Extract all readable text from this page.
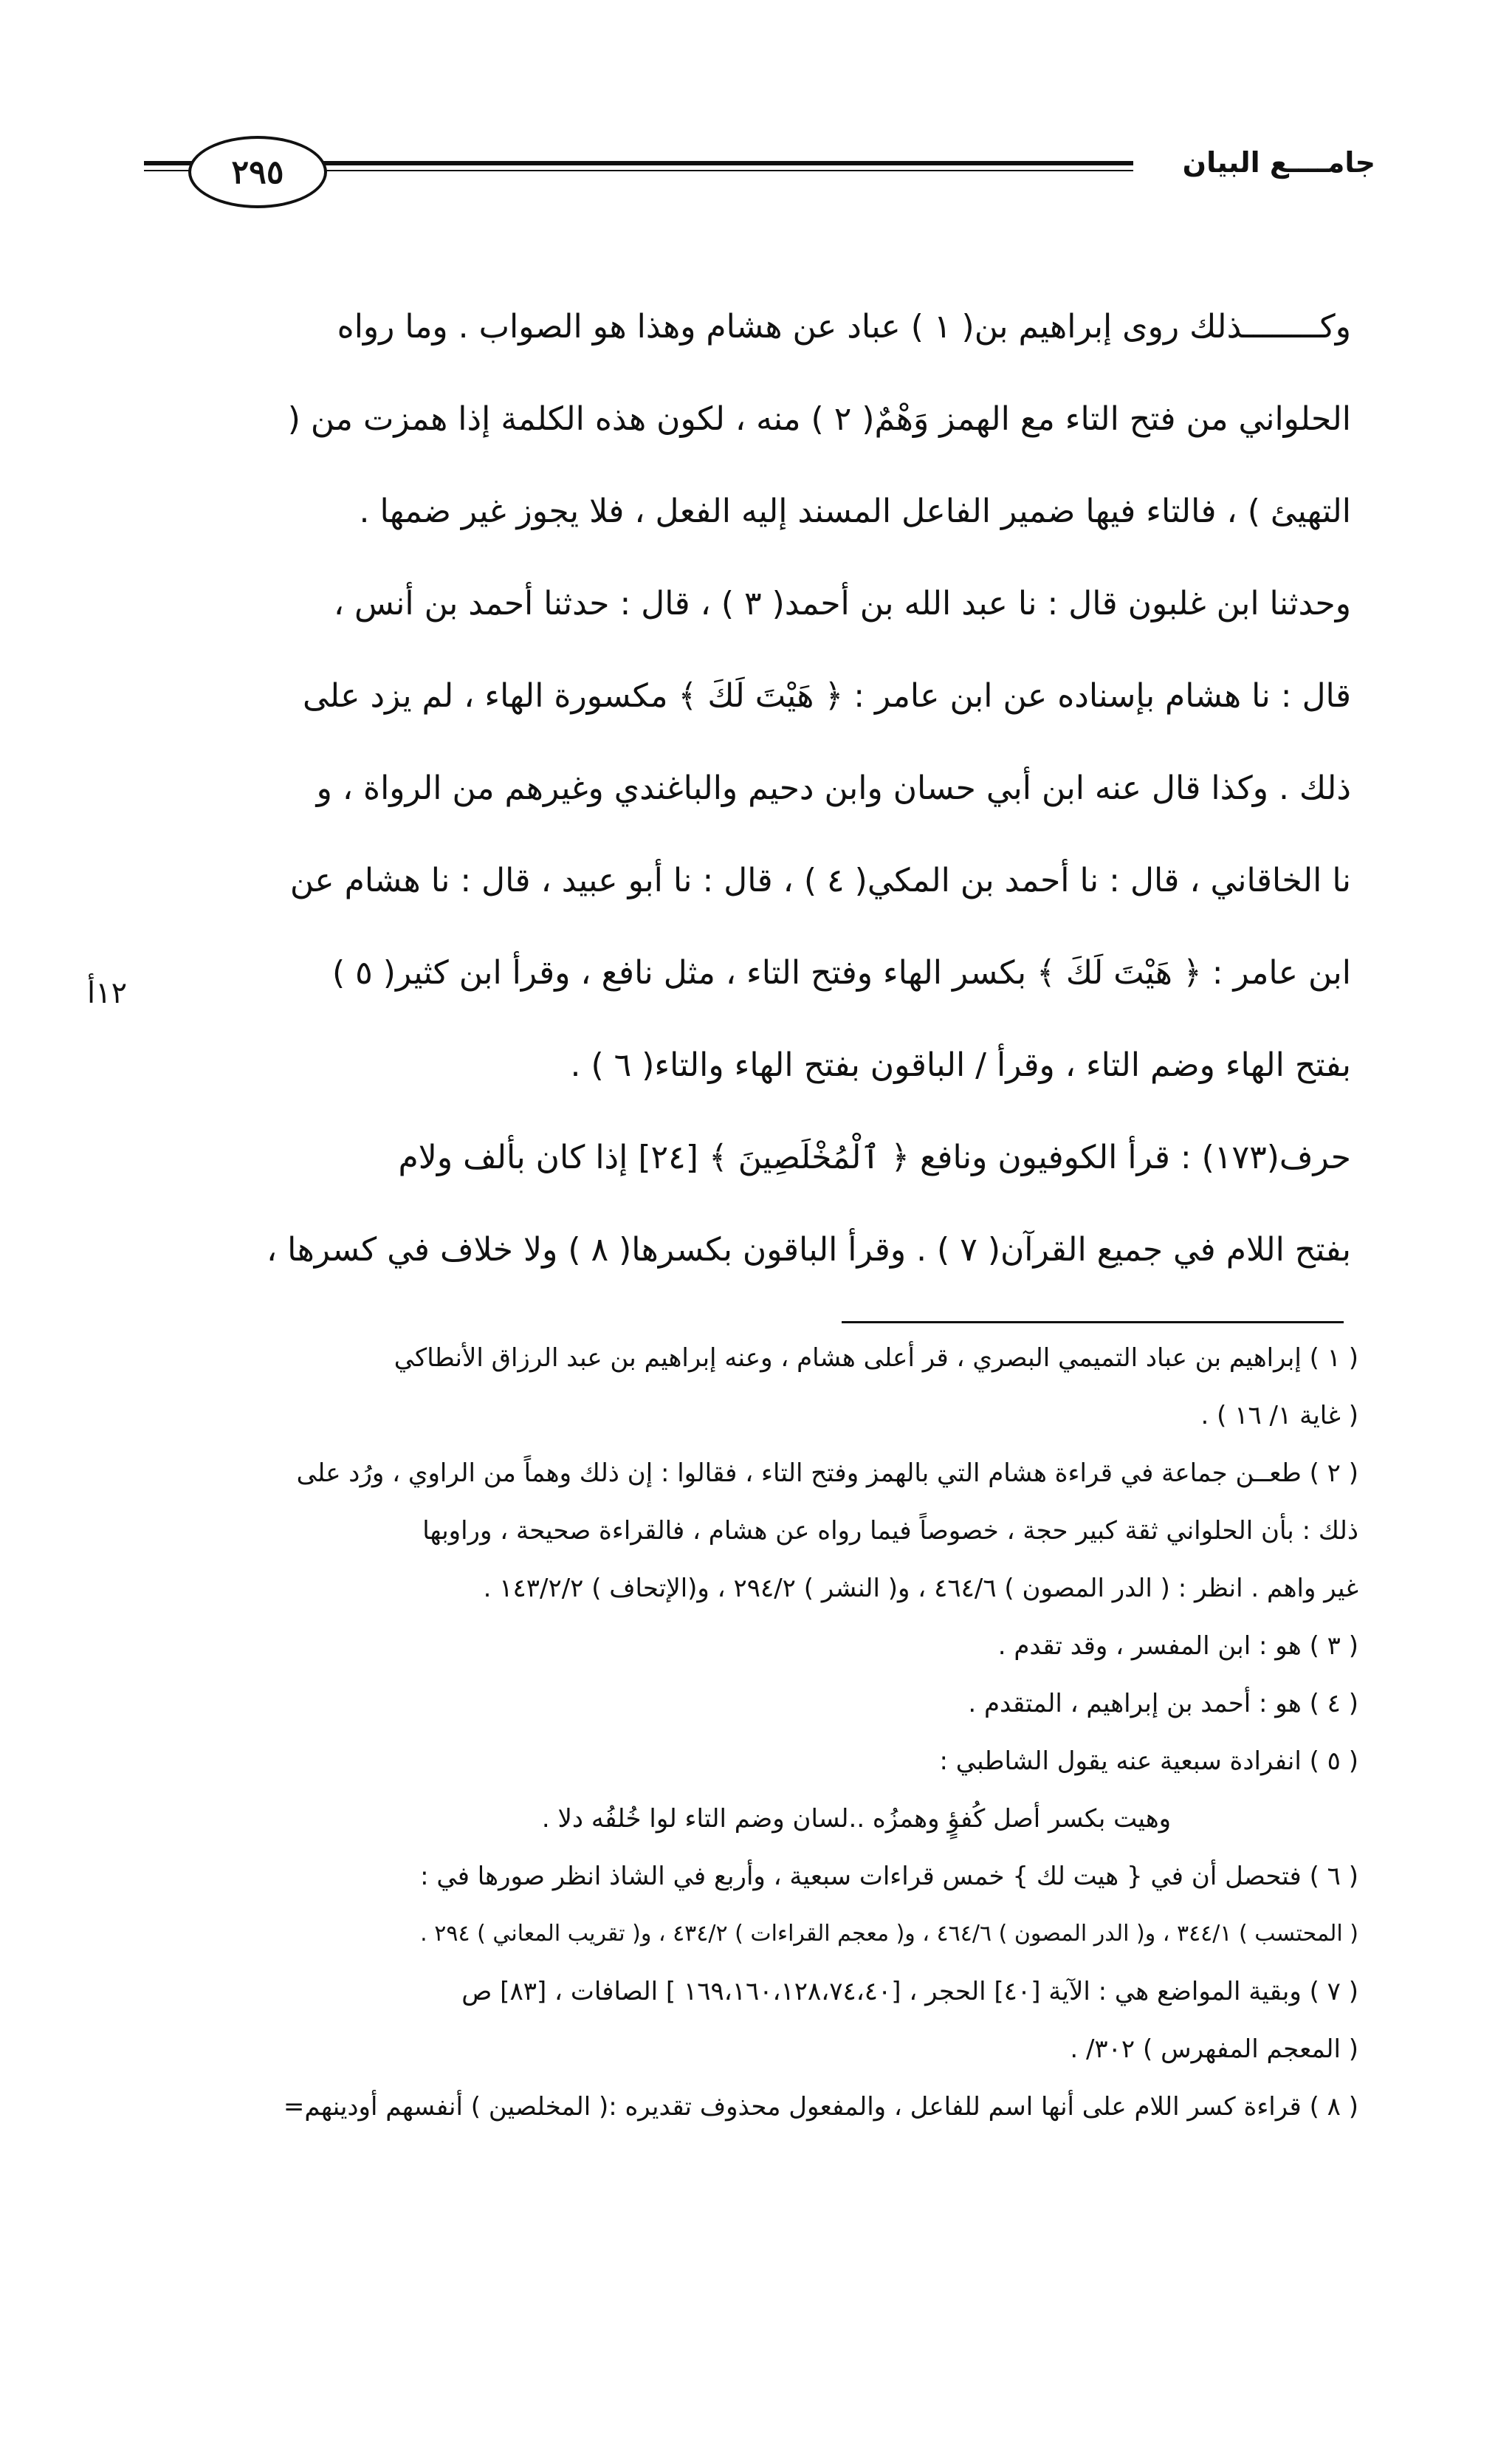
٢٩٥	جامــــع البيان
وكــــــــذلك روى إبراهيم بن( ١ ) عباد عن هشام وهذا هو الصواب . وما رواه
الحلواني من فتح التاء مع الهمز وَهْمٌ( ٢ ) منه ، لكون هذه الكلمة إذا همزت من (
التهيئ ) ، فالتاء فيها ضمير الفاعل المسند إليه الفعل ، فلا يجوز غير ضمها .
وحدثنا ابن غلبون قال : نا عبد الله بن أحمد( ٣ ) ، قال : حدثنا أحمد بن أنس ،
قال : نا هشام بإسناده عن ابن عامر : ﴿ هَيْتَ لَكَ ﴾ مكسورة الهاء ، لم يزد على
ذلك . وكذا قال عنه ابن أبي حسان وابن دحيم والباغندي وغيرهم من الرواة ، و
نا الخاقاني ، قال : نا أحمد بن المكي( ٤ ) ، قال : نا أبو عبيد ، قال : نا هشام عن
ابن عامر : ﴿ هَيْتَ لَكَ ﴾ بكسر الهاء وفتح التاء ، مثل نافع ، وقرأ ابن كثير( ٥ )
بفتح الهاء وضم التاء ، وقرأ / الباقون بفتح الهاء والتاء( ٦ ) .
حرف(١٧٣) : قرأ الكوفيون ونافع ﴿ ٱلْمُخْلَصِينَ ﴾ [٢٤] إذا كان بألف ولام
بفتح اللام في جميع القرآن( ٧ ) . وقرأ الباقون بكسرها( ٨ ) ولا خلاف في كسرها ،
١٢أ
( ١ ) إبراهيم بن عباد التميمي البصري ، قر أعلى هشام ، وعنه إبراهيم بن عبد الرزاق الأنطاكي
( غاية ١/ ١٦ ) .
( ٢ ) طعــن جماعة في قراءة هشام التي بالهمز وفتح التاء ، فقالوا : إن ذلك وهماً من الراوي ، ورُد على
ذلك : بأن الحلواني ثقة كبير حجة ، خصوصاً فيما رواه عن هشام ، فالقراءة صحيحة ، وراوبها
غير واهم . انظر : ( الدر المصون ) ٤٦٤/٦ ، و( النشر ) ٢٩٤/٢ ، و(الإتحاف ) ١٤٣/٢/٢ .
( ٣ ) هو : ابن المفسر ، وقد تقدم .
( ٤ ) هو : أحمد بن إبراهيم ، المتقدم .
( ٥ ) انفرادة سبعية عنه يقول الشاطبي :
وهيت بكسر أصل كُفؤٍ وهمزُه ..لسان وضم التاء لوا خُلفُه دلا .
( ٦ ) فتحصل أن في { هيت لك } خمس قراءات سبعية ، وأربع في الشاذ انظر صورها في :
( المحتسب ) ٣٤٤/١ ، و( الدر المصون ) ٤٦٤/٦ ، و( معجم القراءات ) ٤٣٤/٢ ، و( تقريب المعاني ) ٢٩٤ .
( ٧ ) وبقية المواضع هي : الآية [٤٠] الحجر ، [١٦٩،١٦٠،١٢٨،٧٤،٤٠ ] الصافات ، [٨٣] ص
( المعجم المفهرس ) ٣٠٢/ .
( ٨ ) قراءة كسر اللام على أنها اسم للفاعل ، والمفعول محذوف تقديره :( المخلصين ) أنفسهم أودينهم=
